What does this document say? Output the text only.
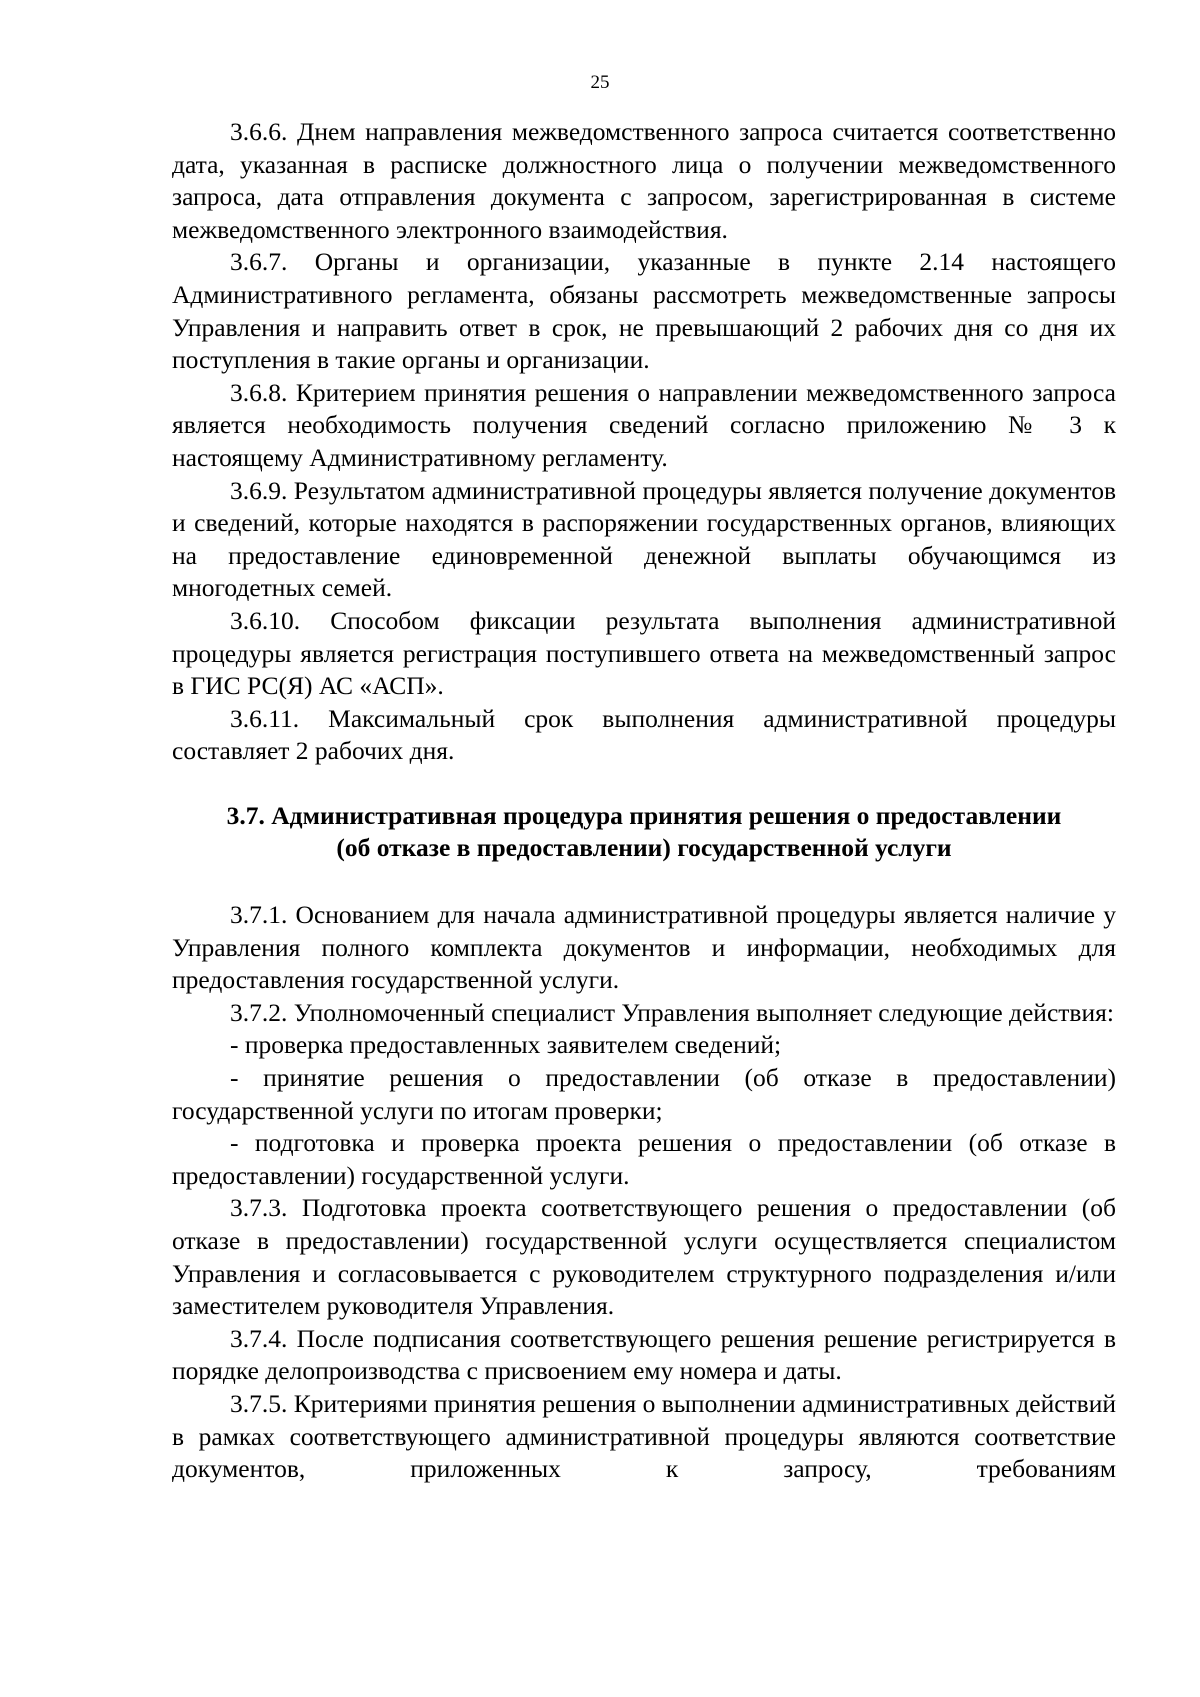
25

3.6.6. Днем направления межведомственного запроса считается соответственно дата, указанная в расписке должностного лица о получении межведомственного запроса, дата отправления документа с запросом, зарегистрированная в системе межведомственного электронного взаимодействия.

3.6.7. Органы и организации, указанные в пункте 2.14 настоящего Административного регламента, обязаны рассмотреть межведомственные запросы Управления и направить ответ в срок, не превышающий 2 рабочих дня со дня их поступления в такие органы и организации.

3.6.8. Критерием принятия решения о направлении межведомственного запроса является необходимость получения сведений согласно приложению № 3 к настоящему Административному регламенту.

3.6.9. Результатом административной процедуры является получение документов и сведений, которые находятся в распоряжении государственных органов, влияющих на предоставление единовременной денежной выплаты обучающимся из многодетных семей.

3.6.10. Способом фиксации результата выполнения административной процедуры является регистрация поступившего ответа на межведомственный запрос в ГИС РС(Я) АС «АСП».

3.6.11. Максимальный срок выполнения административной процедуры составляет 2 рабочих дня.

3.7. Административная процедура принятия решения о предоставлении
(об отказе в предоставлении) государственной услуги

3.7.1. Основанием для начала административной процедуры является наличие у Управления полного комплекта документов и информации, необходимых для предоставления государственной услуги.

3.7.2. Уполномоченный специалист Управления выполняет следующие действия:

- проверка предоставленных заявителем сведений;

- принятие решения о предоставлении (об отказе в предоставлении) государственной услуги по итогам проверки;

- подготовка и проверка проекта решения о предоставлении (об отказе в предоставлении) государственной услуги.

3.7.3. Подготовка проекта соответствующего решения о предоставлении (об отказе в предоставлении) государственной услуги осуществляется специалистом Управления и согласовывается с руководителем структурного подразделения и/или заместителем руководителя Управления.

3.7.4. После подписания соответствующего решения решение регистрируется в порядке делопроизводства с присвоением ему номера и даты.

3.7.5. Критериями принятия решения о выполнении административных действий в рамках соответствующего административной процедуры являются соответствие документов, приложенных к запросу, требованиям
